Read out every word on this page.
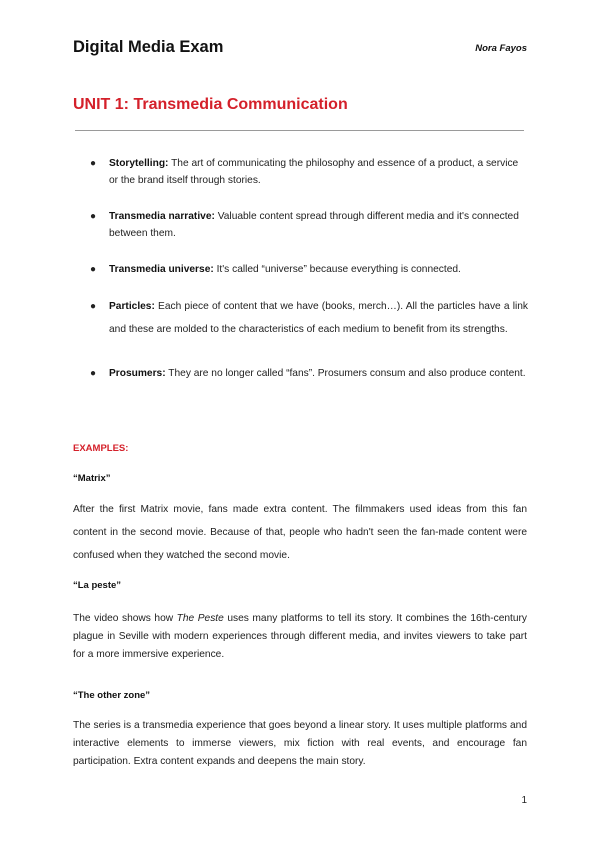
Digital Media Exam	Nora Fayos
UNIT 1: Transmedia Communication
● Storytelling: The art of communicating the philosophy and essence of a product, a service or the brand itself through stories.
● Transmedia narrative: Valuable content spread through different media and it's connected between them.
● Transmedia universe: It's called “universe” because everything is connected.
● Particles: Each piece of content that we have (books, merch…). All the particles have a link and these are molded to the characteristics of each medium to benefit from its strengths.
● Prosumers: They are no longer called “fans”. Prosumers consum and also produce content.
EXAMPLES:
“Matrix”

After the first Matrix movie, fans made extra content. The filmmakers used ideas from this fan content in the second movie. Because of that, people who hadn't seen the fan-made content were confused when they watched the second movie.

“La peste”

The video shows how The Peste uses many platforms to tell its story. It combines the 16th-century plague in Seville with modern experiences through different media, and invites viewers to take part for a more immersive experience.

“The other zone”

The series is a transmedia experience that goes beyond a linear story. It uses multiple platforms and interactive elements to immerse viewers, mix fiction with real events, and encourage fan participation. Extra content expands and deepens the main story.

1
